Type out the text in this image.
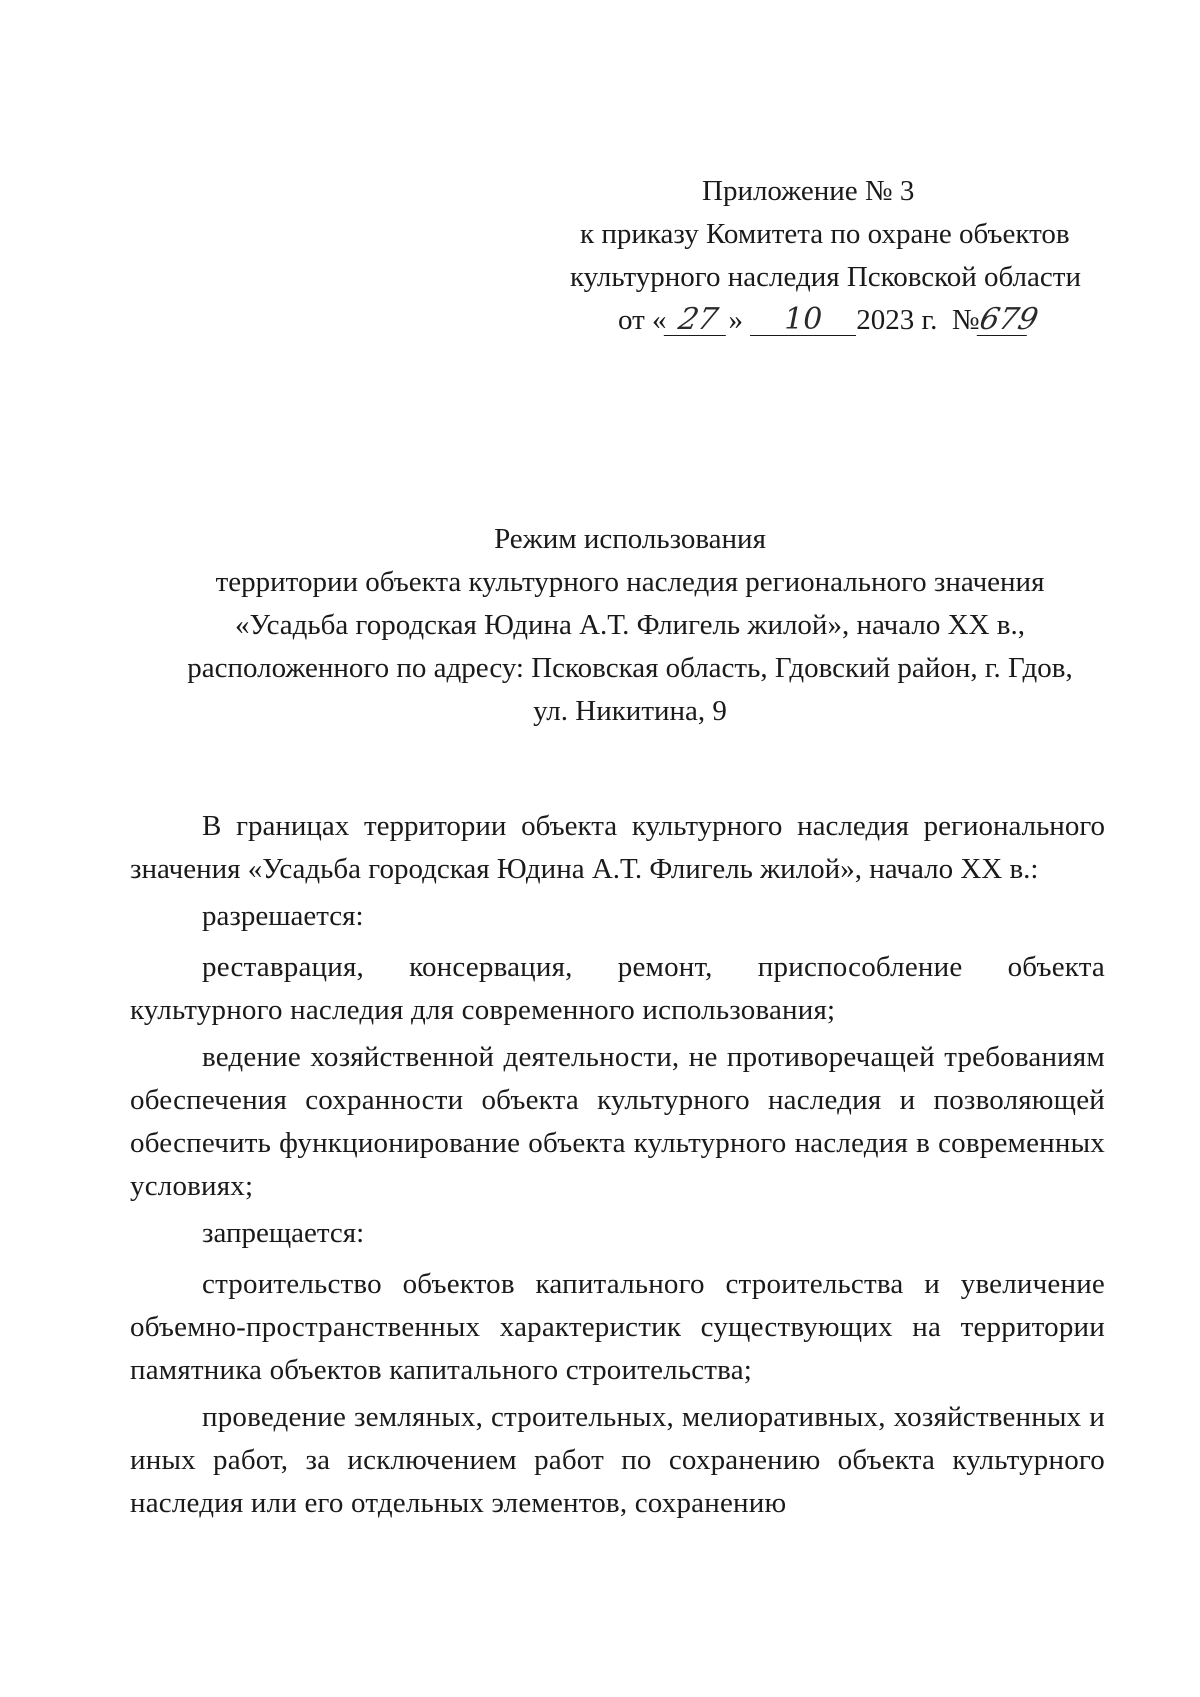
Приложение № 3
к приказу Комитета по охране объектов
культурного наследия Псковской области
от « 27 » 10 2023 г. №679
Режим использования
территории объекта культурного наследия регионального значения
«Усадьба городская Юдина А.Т. Флигель жилой», начало XX в.,
расположенного по адресу: Псковская область, Гдовский район, г. Гдов,
ул. Никитина, 9

В границах территории объекта культурного наследия регионального значения «Усадьба городская Юдина А.Т. Флигель жилой», начало XX в.:

разрешается:

реставрация, консервация, ремонт, приспособление объекта культурного наследия для современного использования;

ведение хозяйственной деятельности, не противоречащей требованиям обеспечения сохранности объекта культурного наследия и позволяющей обеспечить функционирование объекта культурного наследия в современных условиях;

запрещается:

строительство объектов капитального строительства и увеличение объемно-пространственных характеристик существующих на территории памятника объектов капитального строительства;

проведение земляных, строительных, мелиоративных, хозяйственных и иных работ, за исключением работ по сохранению объекта культурного наследия или его отдельных элементов, сохранению
